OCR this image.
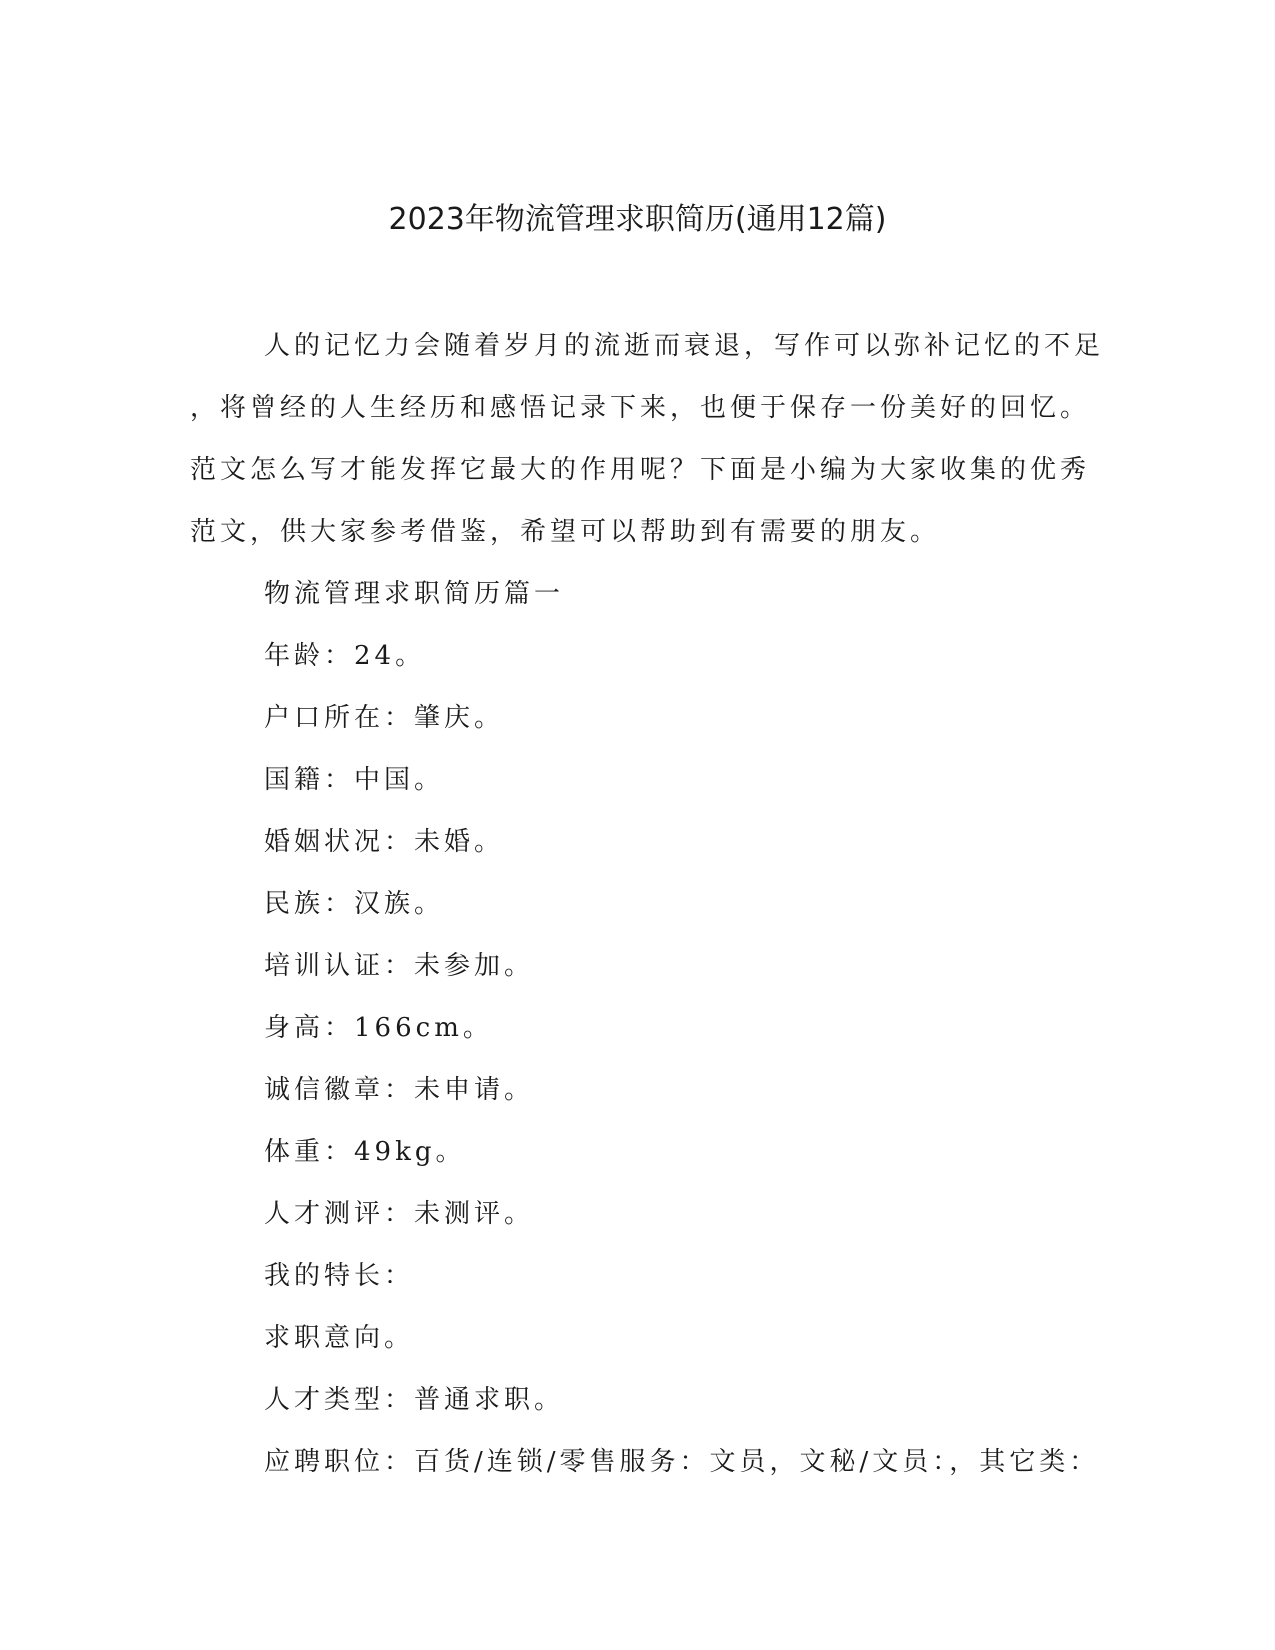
2023年物流管理求职简历(通用12篇)
人的记忆力会随着岁月的流逝而衰退，写作可以弥补记忆的不足
，将曾经的人生经历和感悟记录下来，也便于保存一份美好的回忆。
范文怎么写才能发挥它最大的作用呢？下面是小编为大家收集的优秀
范文，供大家参考借鉴，希望可以帮助到有需要的朋友。
物流管理求职简历篇一
年龄：24。
户口所在：肇庆。
国籍：中国。
婚姻状况：未婚。
民族：汉族。
培训认证：未参加。
身高：166cm。
诚信徽章：未申请。
体重：49kg。
人才测评：未测评。
我的特长：
求职意向。
人才类型：普通求职。
应聘职位：百货/连锁/零售服务：文员，文秘/文员：，其它类：
